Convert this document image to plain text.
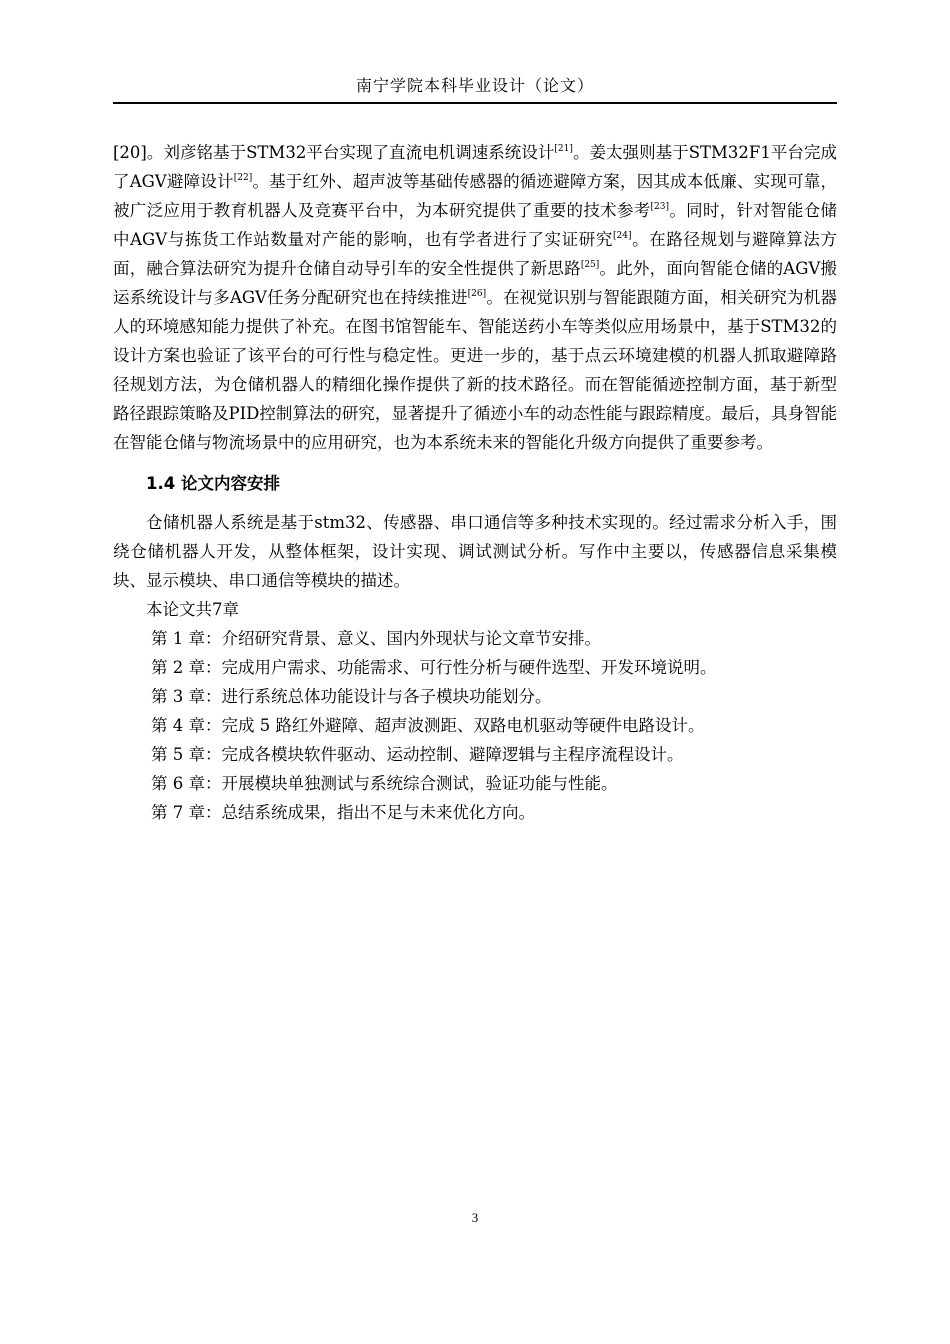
南宁学院本科毕业设计（论文）

[20]。刘彦铭基于STM32平台实现了直流电机调速系统设计[21]。姜太强则基于STM32F1平台完成了AGV避障设计[22]。基于红外、超声波等基础传感器的循迹避障方案，因其成本低廉、实现可靠，被广泛应用于教育机器人及竞赛平台中，为本研究提供了重要的技术参考[23]。同时，针对智能仓储中AGV与拣货工作站数量对产能的影响，也有学者进行了实证研究[24]。在路径规划与避障算法方面，融合算法研究为提升仓储自动导引车的安全性提供了新思路[25]。此外，面向智能仓储的AGV搬运系统设计与多AGV任务分配研究也在持续推进[26]。在视觉识别与智能跟随方面，相关研究为机器人的环境感知能力提供了补充。在图书馆智能车、智能送药小车等类似应用场景中，基于STM32的设计方案也验证了该平台的可行性与稳定性。更进一步的，基于点云环境建模的机器人抓取避障路径规划方法，为仓储机器人的精细化操作提供了新的技术路径。而在智能循迹控制方面，基于新型路径跟踪策略及PID控制算法的研究，显著提升了循迹小车的动态性能与跟踪精度。最后，具身智能在智能仓储与物流场景中的应用研究，也为本系统未来的智能化升级方向提供了重要参考。

1.4 论文内容安排

仓储机器人系统是基于stm32、传感器、串口通信等多种技术实现的。经过需求分析入手，围绕仓储机器人开发，从整体框架，设计实现、调试测试分析。写作中主要以，传感器信息采集模块、显示模块、串口通信等模块的描述。

本论文共7章

第 1 章：介绍研究背景、意义、国内外现状与论文章节安排。

第 2 章：完成用户需求、功能需求、可行性分析与硬件选型、开发环境说明。

第 3 章：进行系统总体功能设计与各子模块功能划分。

第 4 章：完成 5 路红外避障、超声波测距、双路电机驱动等硬件电路设计。

第 5 章：完成各模块软件驱动、运动控制、避障逻辑与主程序流程设计。

第 6 章：开展模块单独测试与系统综合测试，验证功能与性能。

第 7 章：总结系统成果，指出不足与未来优化方向。

3
